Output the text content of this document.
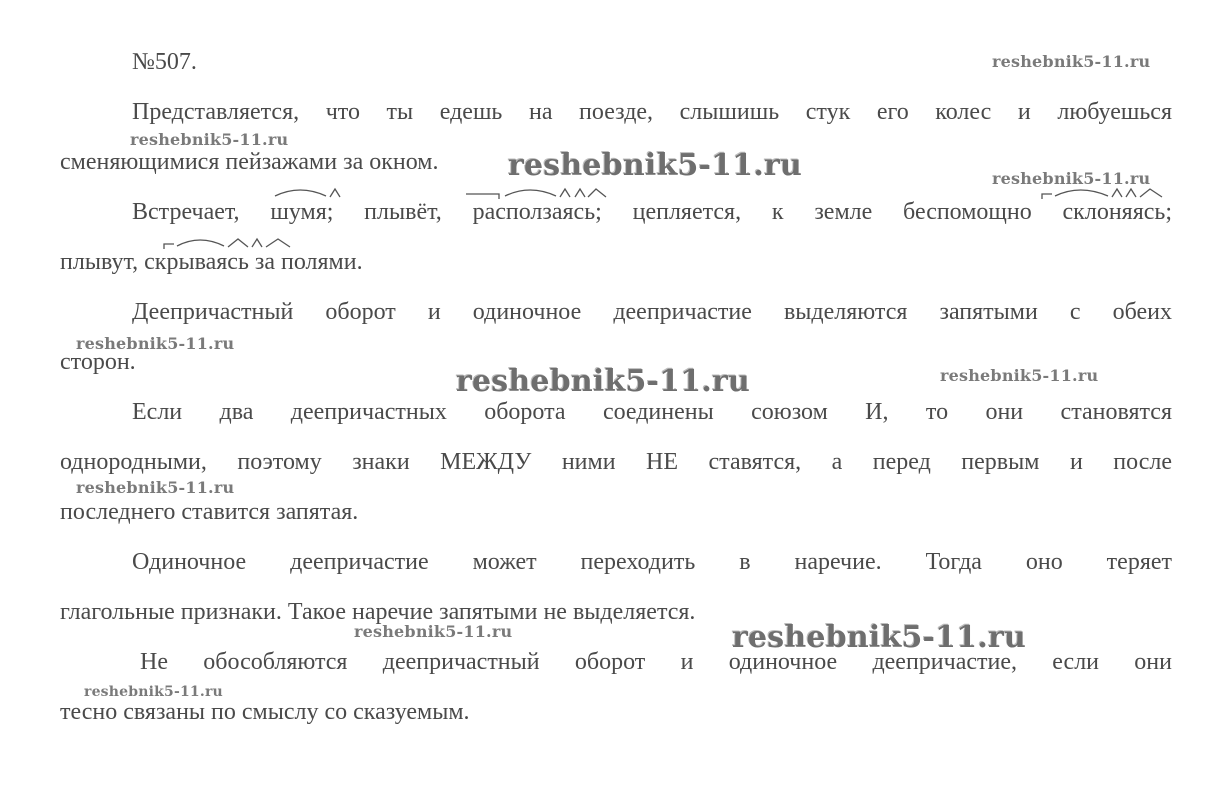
№507.
Представляется, что ты едешь на поезде, слышишь стук его колес и любуешься
сменяющимися пейзажами за окном.
Встречает, шумя; плывёт, расползаясь; цепляется, к земле беспомощно склоняясь;
плывут, скрываясь за полями.
Деепричастный оборот и одиночное деепричастие выделяются запятыми с обеих
сторон.
Если два деепричастных оборота соединены союзом И, то они становятся
однородными, поэтому знаки МЕЖДУ ними НЕ ставятся, а перед первым и после
последнего ставится запятая.
Одиночное деепричастие может переходить в наречие. Тогда оно теряет
глагольные признаки. Такое наречие запятыми не выделяется.
Не обособляются деепричастный оборот и одиночное деепричастие, если они
тесно связаны по смыслу со сказуемым.
reshebnik5-11.ru
reshebnik5-11.ru
reshebnik5-11.ru	reshebnik5-11.ru
reshebnik5-11.ru
reshebnik5-11.ru	reshebnik5-11.ru
reshebnik5-11.ru
reshebnik5-11.ru	reshebnik5-11.ru
reshebnik5-11.ru
